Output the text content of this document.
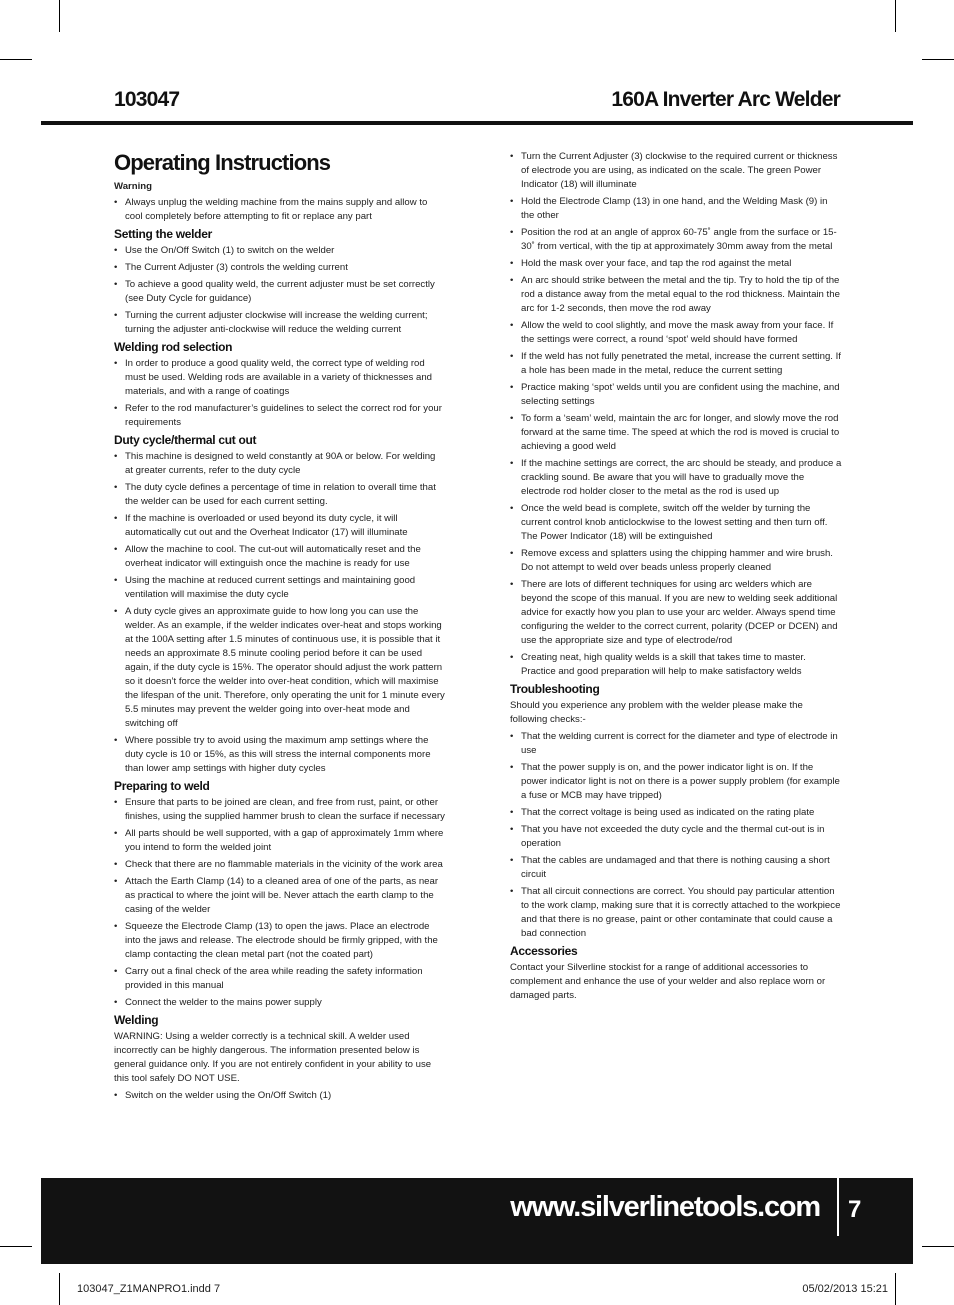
103047	160A Inverter Arc Welder
Operating Instructions
Warning
• Always unplug the welding machine from the mains supply and allow to cool completely before attempting to fit or replace any part
Setting the welder
• Use the On/Off Switch (1) to switch on the welder
• The Current Adjuster (3) controls the welding current
• To achieve a good quality weld, the current adjuster must be set correctly (see Duty Cycle for guidance)
• Turning the current adjuster clockwise will increase the welding current; turning the adjuster anti-clockwise will reduce the welding current
Welding rod selection
• In order to produce a good quality weld, the correct type of welding rod must be used. Welding rods are available in a variety of thicknesses and materials, and with a range of coatings
• Refer to the rod manufacturer’s guidelines to select the correct rod for your requirements
Duty cycle/thermal cut out
• This machine is designed to weld constantly at 90A or below. For welding at greater currents, refer to the duty cycle
• The duty cycle defines a percentage of time in relation to overall time that the welder can be used for each current setting.
• If the machine is overloaded or used beyond its duty cycle, it will automatically cut out and the Overheat Indicator (17) will illuminate
• Allow the machine to cool. The cut-out will automatically reset and the overheat indicator will extinguish once the machine is ready for use
• Using the machine at reduced current settings and maintaining good ventilation will maximise the duty cycle
• A duty cycle gives an approximate guide to how long you can use the welder. As an example, if the welder indicates over-heat and stops working at the 100A setting after 1.5 minutes of continuous use, it is possible that it needs an approximate 8.5 minute cooling period before it can be used again, if the duty cycle is 15%. The operator should adjust the work pattern so it doesn’t force the welder into over-heat condition, which will maximise the lifespan of the unit. Therefore, only operating the unit for 1 minute every 5.5 minutes may prevent the welder going into over-heat mode and switching off
• Where possible try to avoid using the maximum amp settings where the duty cycle is 10 or 15%, as this will stress the internal components more than lower amp settings with higher duty cycles
Preparing to weld
• Ensure that parts to be joined are clean, and free from rust, paint, or other finishes, using the supplied hammer brush to clean the surface if necessary
• All parts should be well supported, with a gap of approximately 1mm where you intend to form the welded joint
• Check that there are no flammable materials in the vicinity of the work area
• Attach the Earth Clamp (14) to a cleaned area of one of the parts, as near as practical to where the joint will be. Never attach the earth clamp to the casing of the welder
• Squeeze the Electrode Clamp (13) to open the jaws. Place an electrode into the jaws and release. The electrode should be firmly gripped, with the clamp contacting the clean metal part (not the coated part)
• Carry out a final check of the area while reading the safety information provided in this manual
• Connect the welder to the mains power supply
Welding

WARNING: Using a welder correctly is a technical skill. A welder used incorrectly can be highly dangerous. The information presented below is general guidance only. If you are not entirely confident in your ability to use this tool safely DO NOT USE.

• Switch on the welder using the On/Off Switch (1)
• Turn the Current Adjuster (3) clockwise to the required current or thickness of electrode you are using, as indicated on the scale. The green Power Indicator (18) will illuminate
• Hold the Electrode Clamp (13) in one hand, and the Welding Mask (9) in the other
• Position the rod at an angle of approx 60-75˚ angle from the surface or 15-30˚ from vertical, with the tip at approximately 30mm away from the metal
• Hold the mask over your face, and tap the rod against the metal
• An arc should strike between the metal and the tip. Try to hold the tip of the rod a distance away from the metal equal to the rod thickness. Maintain the arc for 1-2 seconds, then move the rod away
• Allow the weld to cool slightly, and move the mask away from your face. If the settings were correct, a round ‘spot’ weld should have formed
• If the weld has not fully penetrated the metal, increase the current setting. If a hole has been made in the metal, reduce the current setting
• Practice making ‘spot’ welds until you are confident using the machine, and selecting settings
• To form a ‘seam’ weld, maintain the arc for longer, and slowly move the rod forward at the same time. The speed at which the rod is moved is crucial to achieving a good weld
• If the machine settings are correct, the arc should be steady, and produce a crackling sound. Be aware that you will have to gradually move the electrode rod holder closer to the metal as the rod is used up
• Once the weld bead is complete, switch off the welder by turning the current control knob anticlockwise to the lowest setting and then turn off. The Power Indicator (18) will be extinguished
• Remove excess and splatters using the chipping hammer and wire brush. Do not attempt to weld over beads unless properly cleaned
• There are lots of different techniques for using arc welders which are beyond the scope of this manual. If you are new to welding seek additional advice for exactly how you plan to use your arc welder. Always spend time configuring the welder to the correct current, polarity (DCEP or DCEN) and use the appropriate size and type of electrode/rod
• Creating neat, high quality welds is a skill that takes time to master. Practice and good preparation will help to make satisfactory welds
Troubleshooting

Should you experience any problem with the welder please make the following checks:-

• That the welding current is correct for the diameter and type of electrode in use
• That the power supply is on, and the power indicator light is on. If the power indicator light is not on there is a power supply problem (for example a fuse or MCB may have tripped)
• That the correct voltage is being used as indicated on the rating plate
• That you have not exceeded the duty cycle and the thermal cut-out is in operation
• That the cables are undamaged and that there is nothing causing a short circuit
• That all circuit connections are correct. You should pay particular attention to the work clamp, making sure that it is correctly attached to the workpiece and that there is no grease, paint or other contaminate that could cause a bad connection
Accessories

Contact your Silverline stockist for a range of additional accessories to complement and enhance the use of your welder and also replace worn or damaged parts.

www.silverlinetools.com 7
103047_Z1MANPRO1.indd 7	05/02/2013 15:21
